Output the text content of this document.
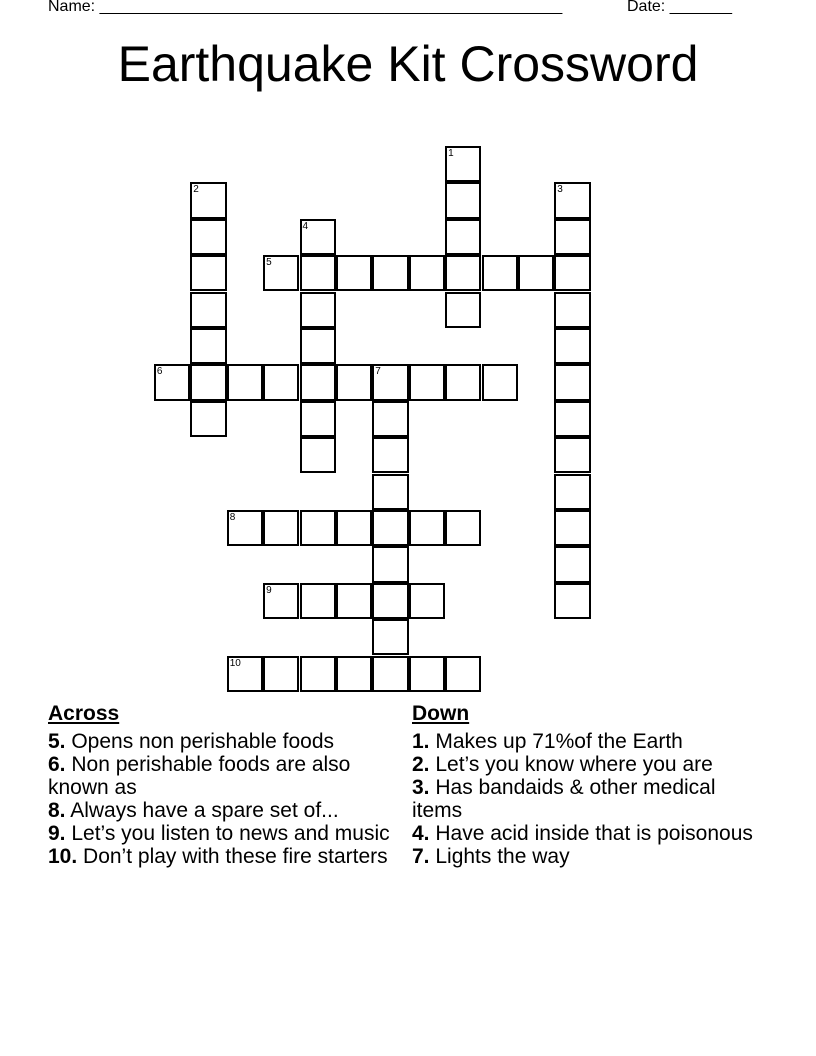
Name: ____________________________________________________	Date: _______
Earthquake Kit Crossword
1
2	3
4
5
6	7
8
9
10
Across
5. Opens non perishable foods
6. Non perishable foods are also known as
8. Always have a spare set of...
9. Let’s you listen to news and music
10. Don’t play with these fire starters
Down
1. Makes up 71%of the Earth
2. Let’s you know where you are
3. Has bandaids & other medical items
4. Have acid inside that is poisonous
7. Lights the way
